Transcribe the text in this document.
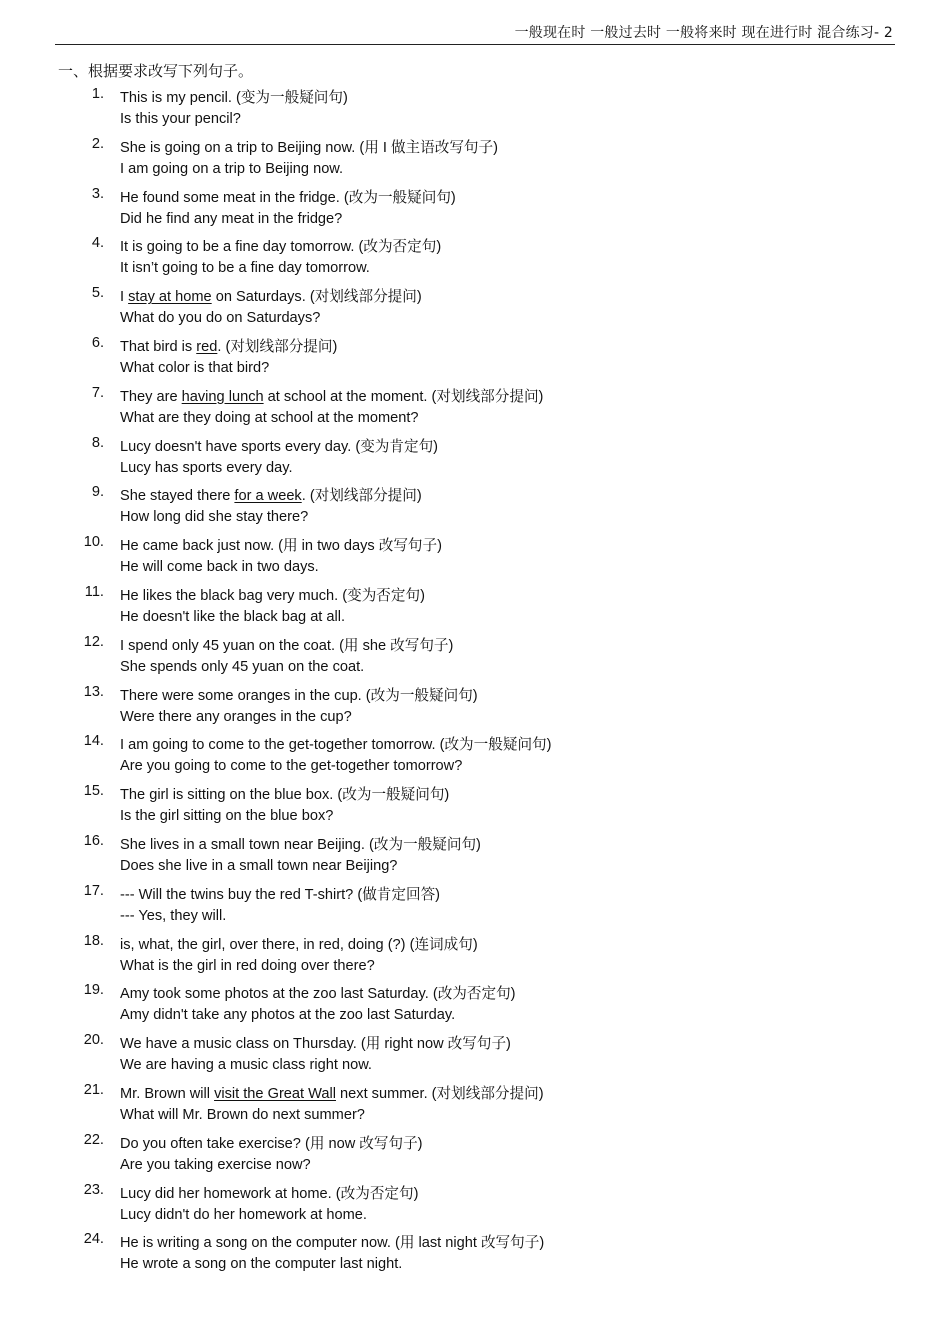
一般现在时 一般过去时 一般将来时 现在进行时 混合练习- 2
一、根据要求改写下列句子。
1. This is my pencil. (变为一般疑问句)
Is this your pencil?
2. She is going on a trip to Beijing now. (用 I 做主语改写句子)
I am going on a trip to Beijing now.
3. He found some meat in the fridge. (改为一般疑问句)
Did he find any meat in the fridge?
4. It is going to be a fine day tomorrow. (改为否定句)
It isn’t going to be a fine day tomorrow.
5. I stay at home on Saturdays. (对划线部分提问)
What do you do on Saturdays?
6. That bird is red. (对划线部分提问)
What color is that bird?
7. They are having lunch at school at the moment. (对划线部分提问)
What are they doing at school at the moment?
8. Lucy doesn't have sports every day. (变为肯定句)
Lucy has sports every day.
9. She stayed there for a week. (对划线部分提问)
How long did she stay there?
10. He came back just now. (用 in two days 改写句子)
He will come back in two days.
11. He likes the black bag very much. (变为否定句)
He doesn't like the black bag at all.
12. I spend only 45 yuan on the coat. (用 she 改写句子)
She spends only 45 yuan on the coat.
13. There were some oranges in the cup. (改为一般疑问句)
Were there any oranges in the cup?
14. I am going to come to the get-together tomorrow. (改为一般疑问句)
Are you going to come to the get-together tomorrow?
15. The girl is sitting on the blue box. (改为一般疑问句)
Is the girl sitting on the blue box?
16. She lives in a small town near Beijing. (改为一般疑问句)
Does she live in a small town near Beijing?
17. --- Will the twins buy the red T-shirt? (做肯定回答)
--- Yes, they will.
18. is, what, the girl, over there, in red, doing (?) (连词成句)
What is the girl in red doing over there?
19. Amy took some photos at the zoo last Saturday. (改为否定句)
Amy didn't take any photos at the zoo last Saturday.
20. We have a music class on Thursday. (用 right now 改写句子)
We are having a music class right now.
21. Mr. Brown will visit the Great Wall next summer. (对划线部分提问)
What will Mr. Brown do next summer?
22. Do you often take exercise? (用 now 改写句子)
Are you taking exercise now?
23. Lucy did her homework at home. (改为否定句)
Lucy didn't do her homework at home.
24. He is writing a song on the computer now. (用 last night 改写句子)
He wrote a song on the computer last night.
